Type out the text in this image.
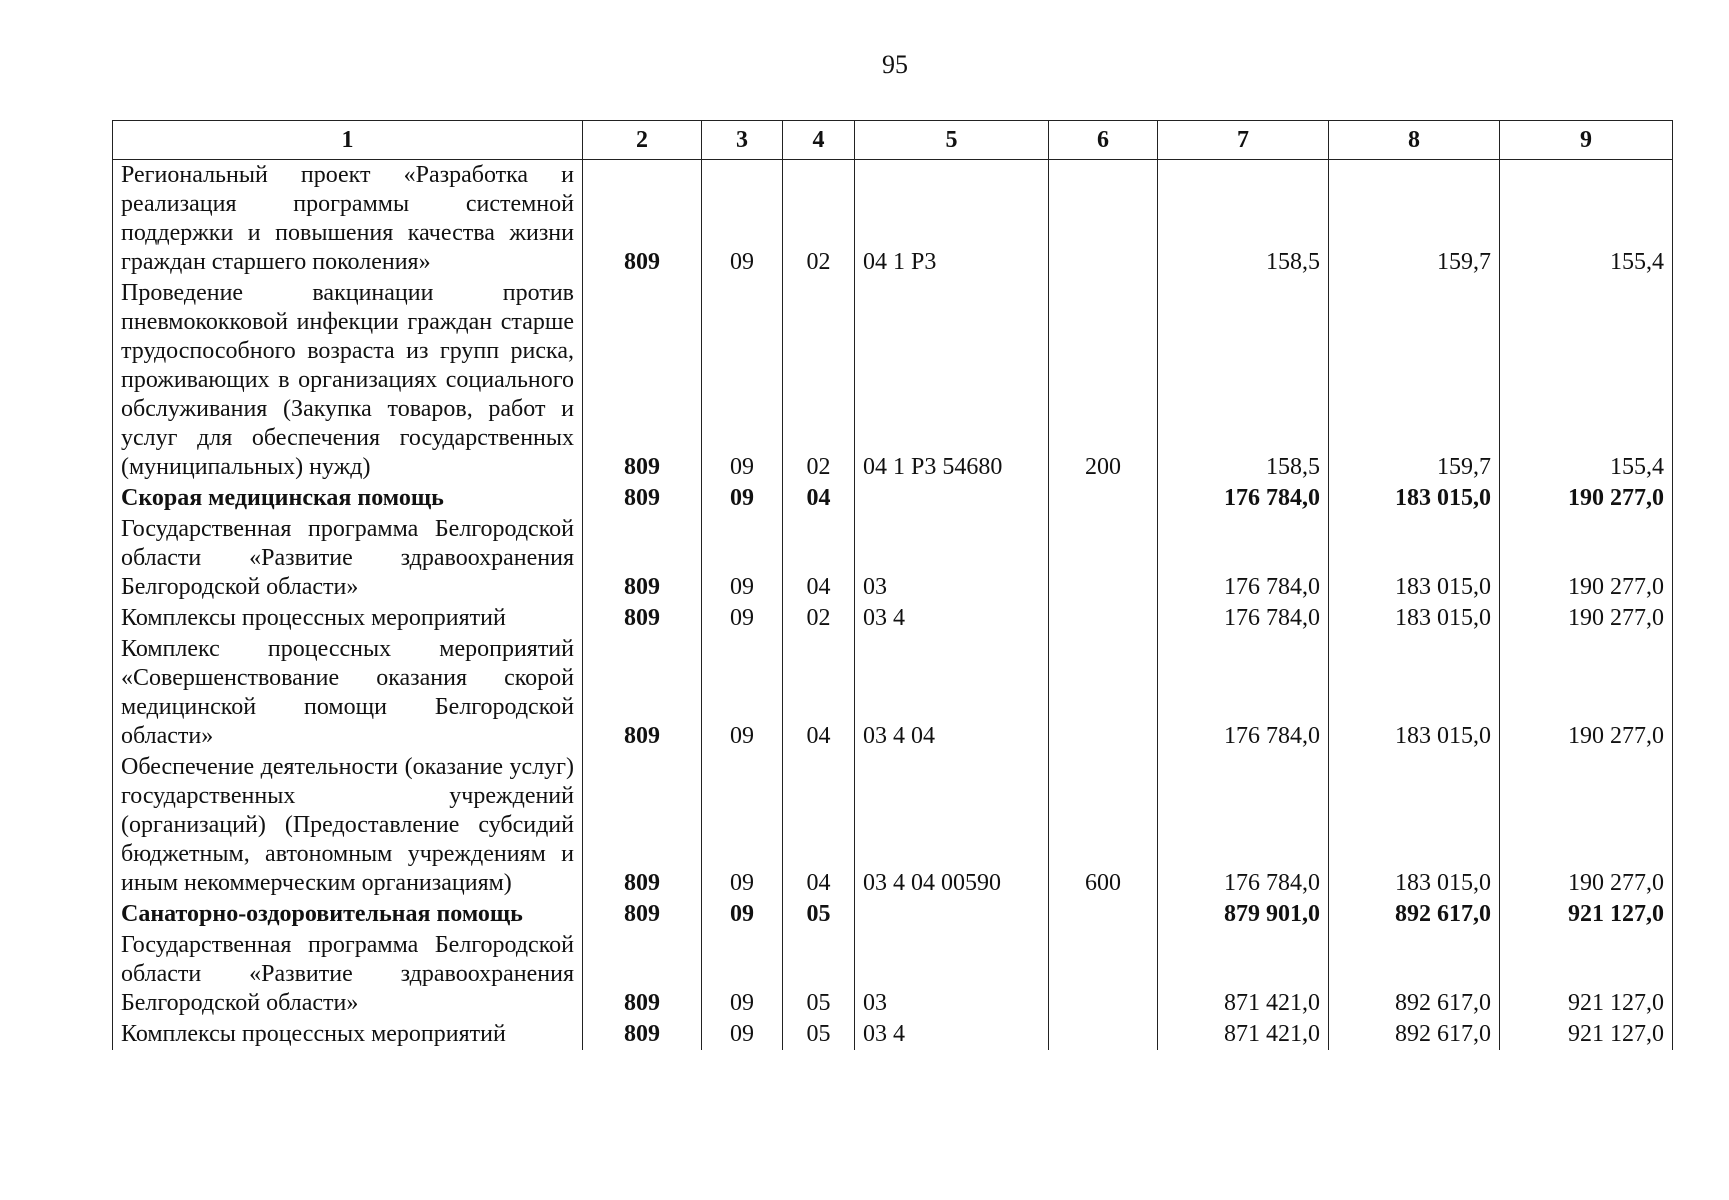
95
1	2	3	4	5	6	7	8	9
Региональный проект «Разработка и реализация программы системной поддержки и повышения качества жизни граждан старшего поколения»	809	09	02	04 1 Р3		158,5	159,7	155,4
Проведение вакцинации против пневмококковой инфекции граждан старше трудоспособного возраста из групп риска, проживающих в организациях социального обслуживания (Закупка товаров, работ и услуг для обеспечения государственных (муниципальных) нужд)	809	09	02	04 1 Р3 54680	200	158,5	159,7	155,4
Скорая медицинская помощь	809	09	04			176 784,0	183 015,0	190 277,0
Государственная программа Белгородской области «Развитие здравоохранения Белгородской области»	809	09	04	03		176 784,0	183 015,0	190 277,0
Комплексы процессных мероприятий	809	09	02	03 4		176 784,0	183 015,0	190 277,0
Комплекс процессных мероприятий «Совершенствование оказания скорой медицинской помощи Белгородской области»	809	09	04	03 4 04		176 784,0	183 015,0	190 277,0
Обеспечение деятельности (оказание услуг) государственных учреждений (организаций) (Предоставление субсидий бюджетным, автономным учреждениям и иным некоммерческим организациям)	809	09	04	03 4 04 00590	600	176 784,0	183 015,0	190 277,0
Санаторно-оздоровительная помощь	809	09	05			879 901,0	892 617,0	921 127,0
Государственная программа Белгородской области «Развитие здравоохранения Белгородской области»	809	09	05	03		871 421,0	892 617,0	921 127,0
Комплексы процессных мероприятий	809	09	05	03 4		871 421,0	892 617,0	921 127,0
